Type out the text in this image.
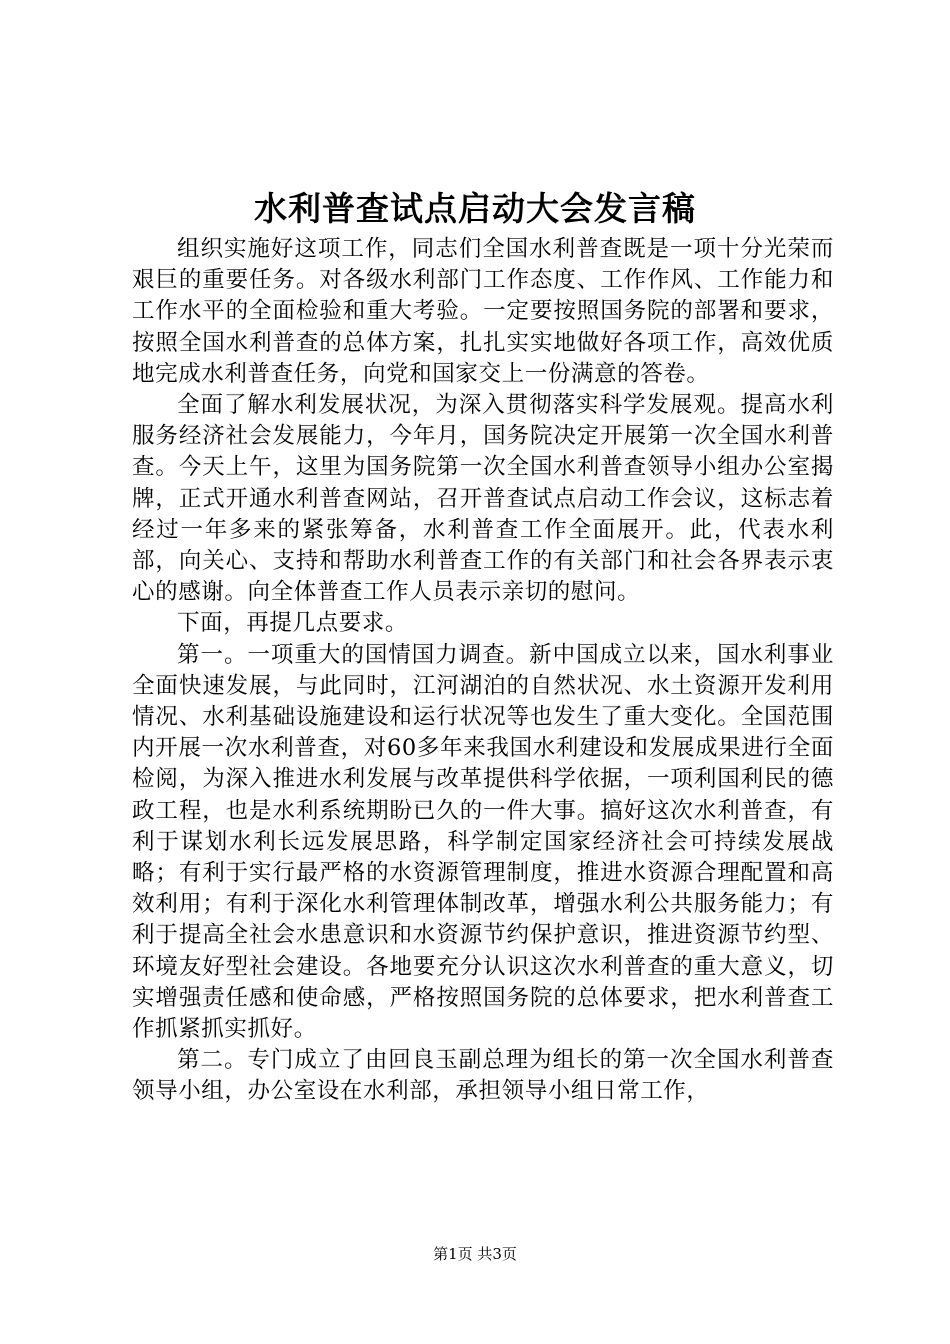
水利普查试点启动大会发言稿

组织实施好这项工作，同志们全国水利普查既是一项十分光荣而艰巨的重要任务。对各级水利部门工作态度、工作作风、工作能力和工作水平的全面检验和重大考验。一定要按照国务院的部署和要求，按照全国水利普查的总体方案，扎扎实实地做好各项工作，高效优质地完成水利普查任务，向党和国家交上一份满意的答卷。

全面了解水利发展状况，为深入贯彻落实科学发展观。提高水利服务经济社会发展能力，今年月，国务院决定开展第一次全国水利普查。今天上午，这里为国务院第一次全国水利普查领导小组办公室揭牌，正式开通水利普查网站，召开普查试点启动工作会议，这标志着经过一年多来的紧张筹备，水利普查工作全面展开。此，代表水利部，向关心、支持和帮助水利普查工作的有关部门和社会各界表示衷心的感谢。向全体普查工作人员表示亲切的慰问。

下面，再提几点要求。

第一。一项重大的国情国力调查。新中国成立以来，国水利事业全面快速发展，与此同时，江河湖泊的自然状况、水土资源开发利用情况、水利基础设施建设和运行状况等也发生了重大变化。全国范围内开展一次水利普查，对60多年来我国水利建设和发展成果进行全面检阅，为深入推进水利发展与改革提供科学依据，一项利国利民的德政工程，也是水利系统期盼已久的一件大事。搞好这次水利普查，有利于谋划水利长远发展思路，科学制定国家经济社会可持续发展战略；有利于实行最严格的水资源管理制度，推进水资源合理配置和高效利用；有利于深化水利管理体制改革，增强水利公共服务能力；有利于提高全社会水患意识和水资源节约保护意识，推进资源节约型、环境友好型社会建设。各地要充分认识这次水利普查的重大意义，切实增强责任感和使命感，严格按照国务院的总体要求，把水利普查工作抓紧抓实抓好。

第二。专门成立了由回良玉副总理为组长的第一次全国水利普查领导小组，办公室设在水利部，承担领导小组日常工作，

第1页 共3页
